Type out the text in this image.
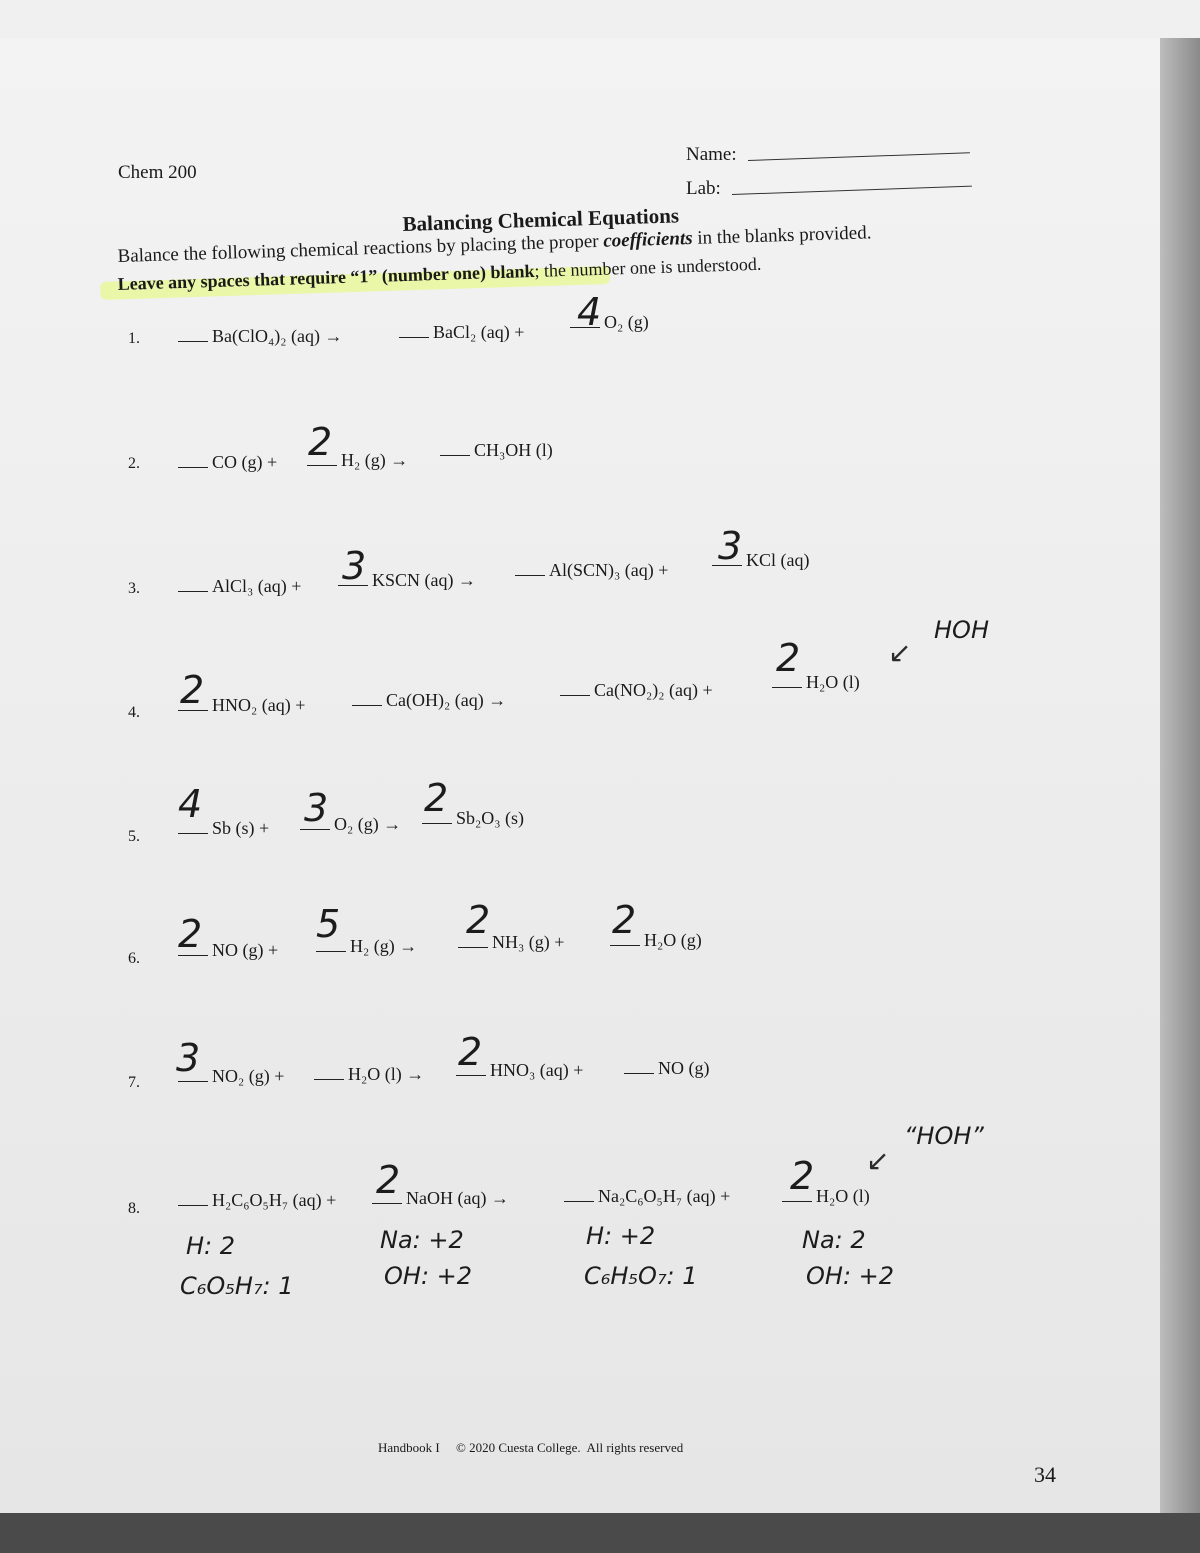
Chem 200
Name:
Lab:
Balancing Chemical Equations
Balance the following chemical reactions by placing the proper coefficients in the blanks provided.
Leave any spaces that require “1” (number one) blank; the number one is understood.
1.	Ba(ClO₄)₂ (aq) →	BaCl₂ (aq) +	O₂ (g)
4
2.	CO (g) +	H₂ (g) →	CH₃OH (l)
2
3.	AlCl₃ (aq) +	KSCN (aq) →	Al(SCN)₃ (aq) +	KCl (aq)
3	3
4.	HNO₂ (aq) +	Ca(OH)₂ (aq) →	Ca(NO₂)₂ (aq) +	H₂O (l)
2
2	↙
HOH
5.	Sb (s) +	O₂ (g) →	Sb₂O₃ (s)
4	3	2
6.	NO (g) +	H₂ (g) →	NH₃ (g) +	H₂O (g)
2	5	2	2
7.	NO₂ (g) +	H₂O (l) →	HNO₃ (aq) +	NO (g)
3	2
8.	H₂C₆O₅H₇ (aq) +	NaOH (aq) →	Na₂C₆O₅H₇ (aq) +	H₂O (l)
2	2 ↙
“HOH”
H: 2
C₆O₅H₇: 1
Na: +2
OH: +2
H: +2
C₆H₅O₇: 1
Na: 2
OH: +2
Handbook I     © 2020 Cuesta College.  All rights reserved
34
